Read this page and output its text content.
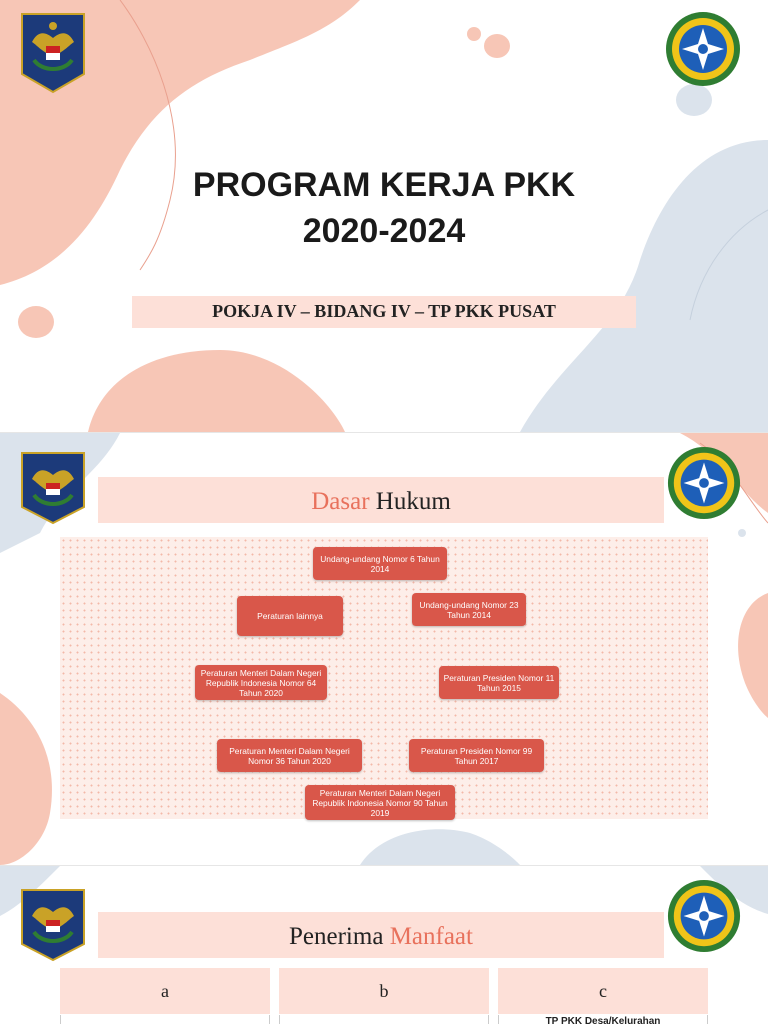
PROGRAM KERJA PKK
2020-2024
POKJA IV – BIDANG IV – TP PKK PUSAT
Dasar Hukum
Undang-undang Nomor 6 Tahun 2014
Peraturan lainnya
Undang-undang Nomor 23 Tahun 2014
Peraturan Menteri Dalam Negeri Republik Indonesia Nomor 64 Tahun 2020
Peraturan Presiden Nomor 11 Tahun 2015
Peraturan Menteri Dalam Negeri Nomor 36 Tahun 2020
Peraturan Presiden Nomor 99 Tahun 2017
Peraturan Menteri Dalam Negeri Republik Indonesia Nomor 90 Tahun 2019
Penerima Manfaat
a	b	c
TP PKK Desa/Kelurahan
